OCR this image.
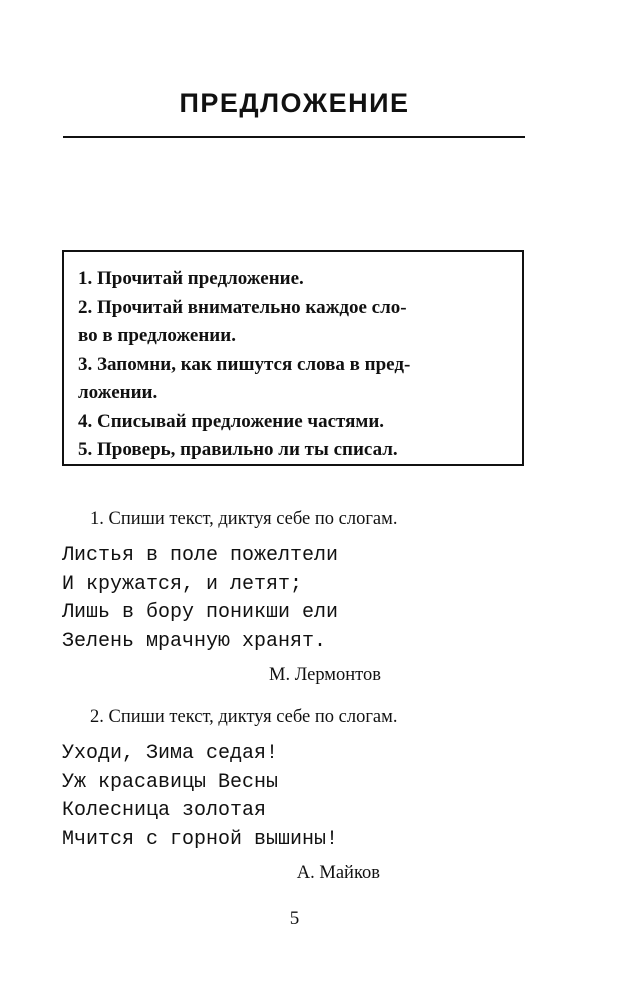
ПРЕДЛОЖЕНИЕ
1. Прочитай предложение.
2. Прочитай внимательно каждое сло-
во в предложении.
3. Запомни, как пишутся слова в пред-
ложении.
4. Списывай предложение частями.
5. Проверь, правильно ли ты списал.
1. Спиши текст, диктуя себе по слогам.
Листья в поле пожелтели
И кружатся, и летят;
Лишь в бору поникши ели
Зелень мрачную хранят.
М. Лермонтов
2. Спиши текст, диктуя себе по слогам.
Уходи, Зима седая!
Уж красавицы Весны
Колесница золотая
Мчится с горной вышины!
А. Майков
5
